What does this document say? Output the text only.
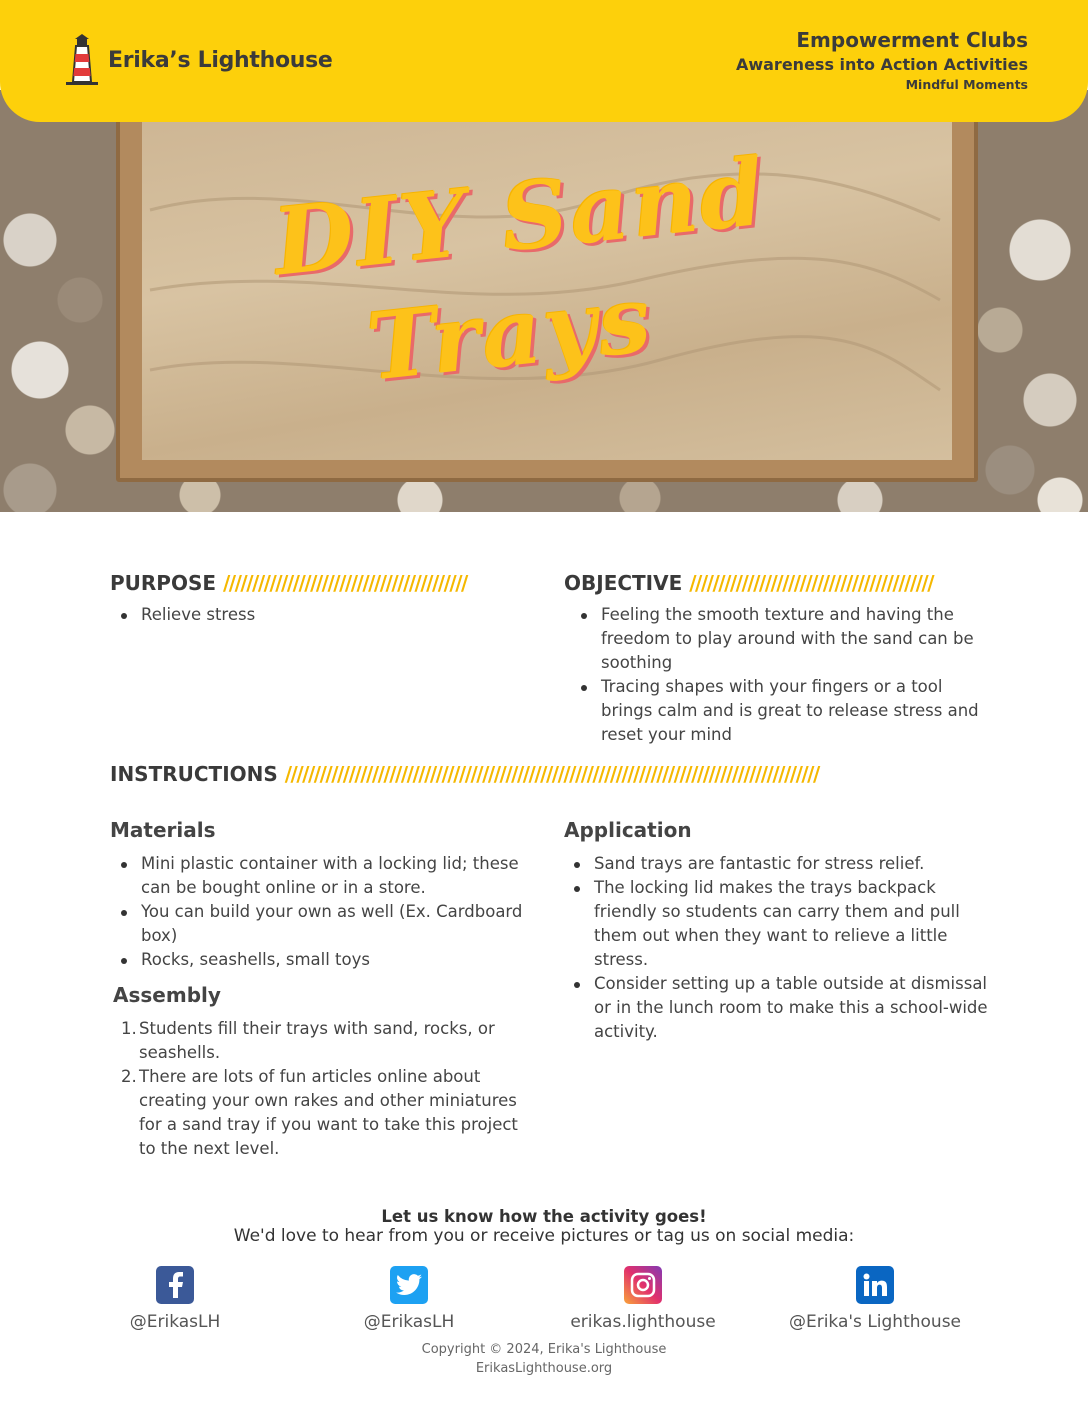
Erika’s Lighthouse
Empowerment Clubs
Awareness into Action Activities
Mindful Moments
DIY Sand
Trays
PURPOSE //////////////////////////////////////////
Relieve stress
OBJECTIVE //////////////////////////////////////////
Feeling the smooth texture and having the freedom to play around with the sand can be soothing
Tracing shapes with your fingers or a tool brings calm and is great to release stress and reset your mind
INSTRUCTIONS ////////////////////////////////////////////////////////////////////////////////////////////
Materials
Mini plastic container with a locking lid; these can be bought online or in a store.
You can build your own as well (Ex. Cardboard box)
Rocks, seashells, small toys
Assembly
1. Students fill their trays with sand, rocks, or seashells.
2. There are lots of fun articles online about creating your own rakes and other miniatures for a sand tray if you want to take this project to the next level.
Application
Sand trays are fantastic for stress relief.
The locking lid makes the trays backpack friendly so students can carry them and pull them out when they want to relieve a little stress.
Consider setting up a table outside at dismissal or in the lunch room to make this a school-wide activity.
Let us know how the activity goes!
We'd love to hear from you or receive pictures or tag us on social media:
@ErikasLH	@ErikasLH	erikas.lighthouse	@Erika's Lighthouse
Copyright © 2024, Erika's Lighthouse
ErikasLighthouse.org
